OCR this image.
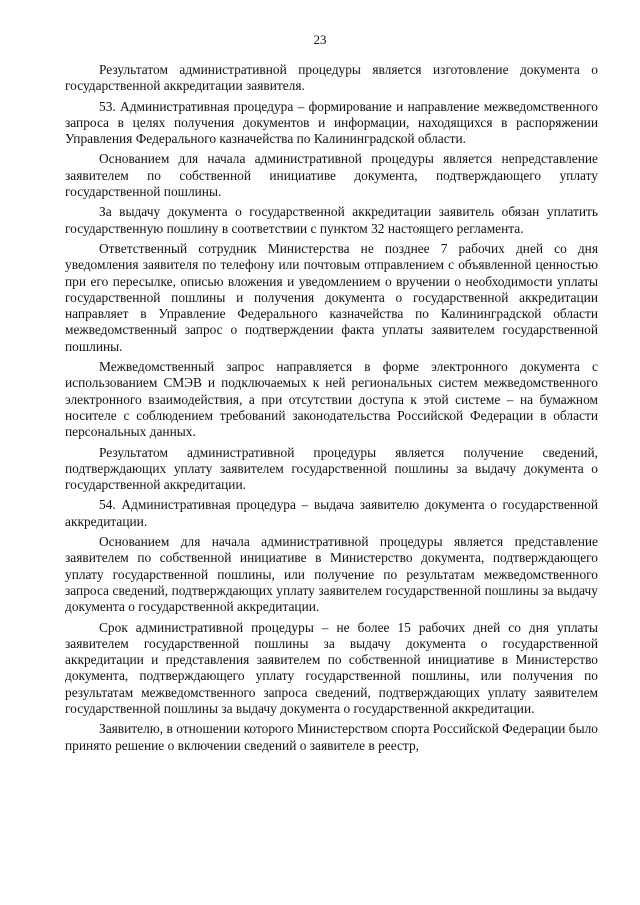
23

Результатом административной процедуры является изготовление документа о государственной аккредитации заявителя.

53. Административная процедура – формирование и направление межведомственного запроса в целях получения документов и информации, находящихся в распоряжении Управления Федерального казначейства по Калининградской области.

Основанием для начала административной процедуры является непредставление заявителем по собственной инициативе документа, подтверждающего уплату государственной пошлины.

За выдачу документа о государственной аккредитации заявитель обязан уплатить государственную пошлину в соответствии с пунктом 32 настоящего регламента.

Ответственный сотрудник Министерства не позднее 7 рабочих дней со дня уведомления заявителя по телефону или почтовым отправлением с объявленной ценностью при его пересылке, описью вложения и уведомлением о вручении о необходимости уплаты государственной пошлины и получения документа о государственной аккредитации направляет в Управление Федерального казначейства по Калининградской области межведомственный запрос о подтверждении факта уплаты заявителем государственной пошлины.

Межведомственный запрос направляется в форме электронного документа с использованием СМЭВ и подключаемых к ней региональных систем межведомственного электронного взаимодействия, а при отсутствии доступа к этой системе – на бумажном носителе с соблюдением требований законодательства Российской Федерации в области персональных данных.

Результатом административной процедуры является получение сведений, подтверждающих уплату заявителем государственной пошлины за выдачу документа о государственной аккредитации.

54. Административная процедура – выдача заявителю документа о государственной аккредитации.

Основанием для начала административной процедуры является представление заявителем по собственной инициативе в Министерство документа, подтверждающего уплату государственной пошлины, или получение по результатам межведомственного запроса сведений, подтверждающих уплату заявителем государственной пошлины за выдачу документа о государственной аккредитации.

Срок административной процедуры – не более 15 рабочих дней со дня уплаты заявителем государственной пошлины за выдачу документа о государственной аккредитации и представления заявителем по собственной инициативе в Министерство документа, подтверждающего уплату государственной пошлины, или получения по результатам межведомственного запроса сведений, подтверждающих уплату заявителем государственной пошлины за выдачу документа о государственной аккредитации.

Заявителю, в отношении которого Министерством спорта Российской Федерации было принято решение о включении сведений о заявителе в реестр,
